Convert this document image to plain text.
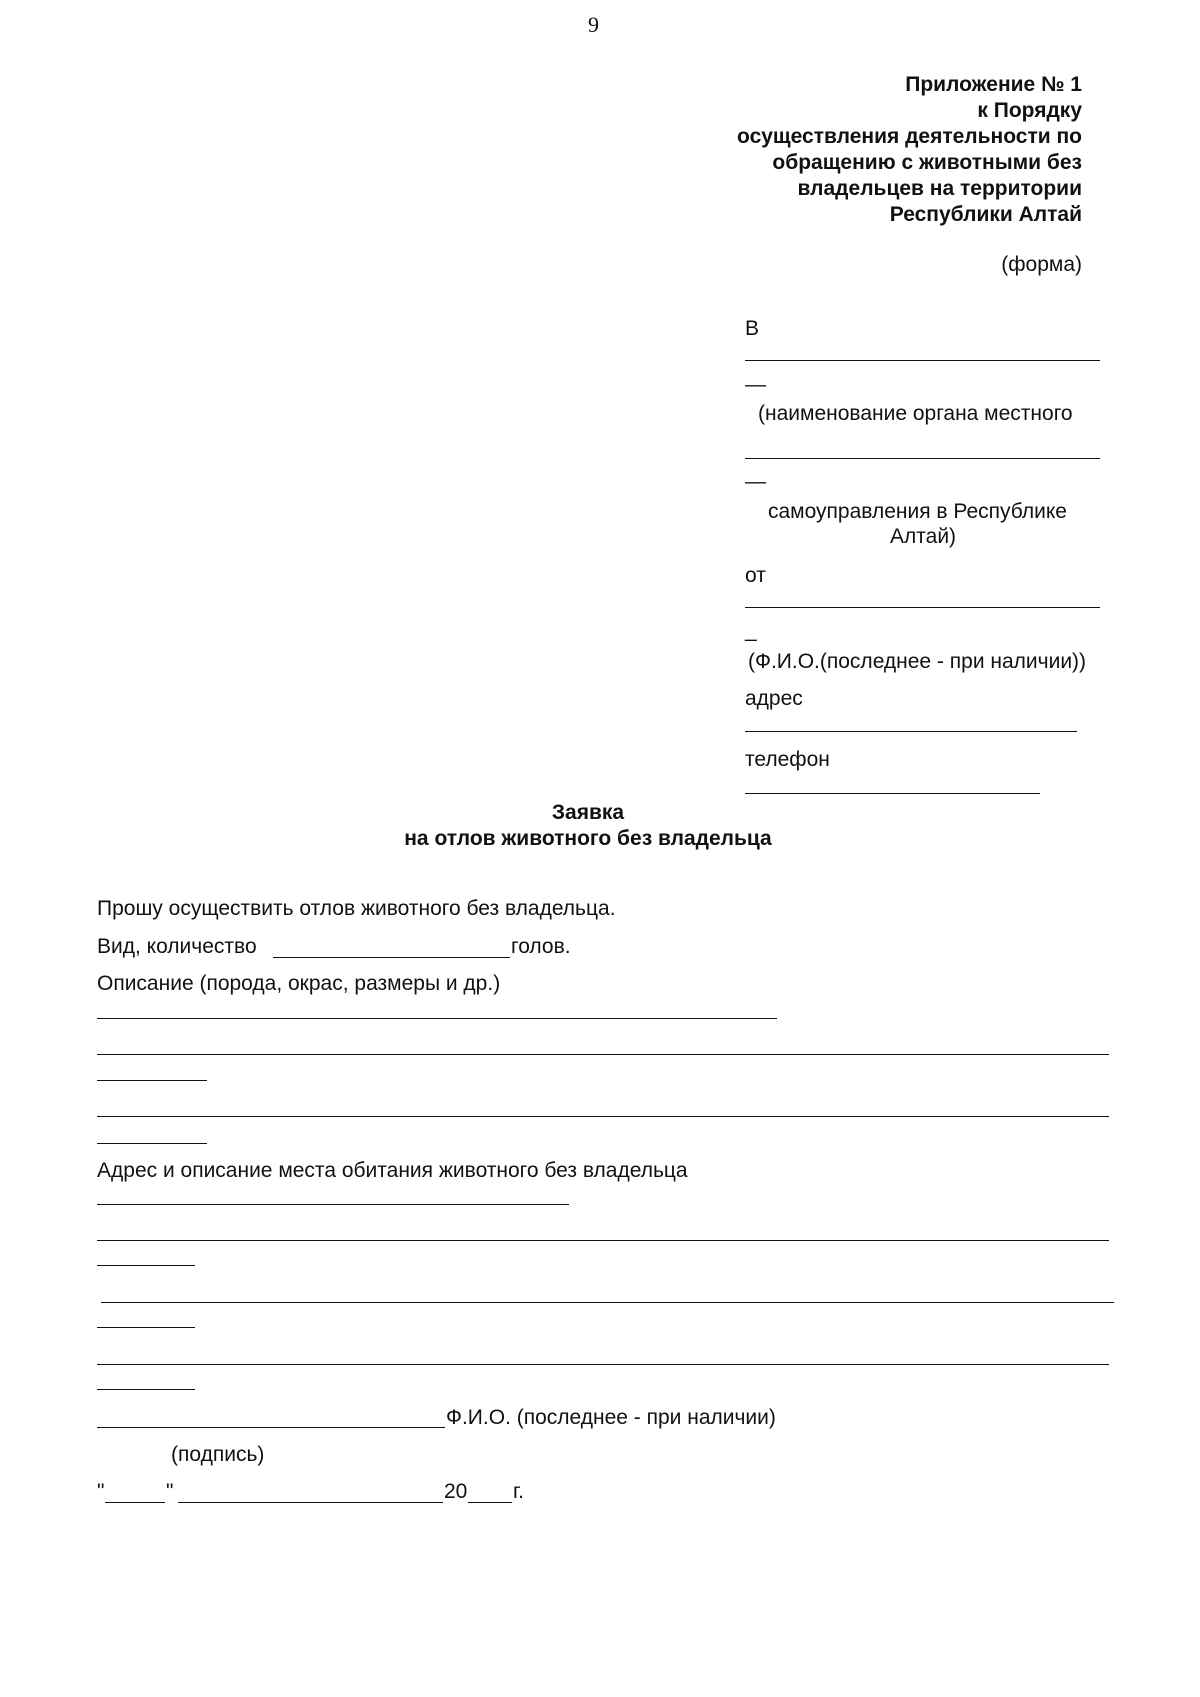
9
Приложение № 1
к Порядку
осуществления деятельности по
обращению с животными без
владельцев на территории
Республики Алтай
(форма)
В
—
(наименование органа местного
—
самоуправления в Республике
Алтай)
от
_
(Ф.И.О.(последнее - при наличии))
адрес
телефон
Заявка
на отлов животного без владельца
Прошу осуществить отлов животного без владельца.
Вид, количество	голов.
Описание (порода, окрас, размеры и др.)
Адрес и описание места обитания животного без владельца
Ф.И.О. (последнее - при наличии)
(подпись)
"	"	20 г.
